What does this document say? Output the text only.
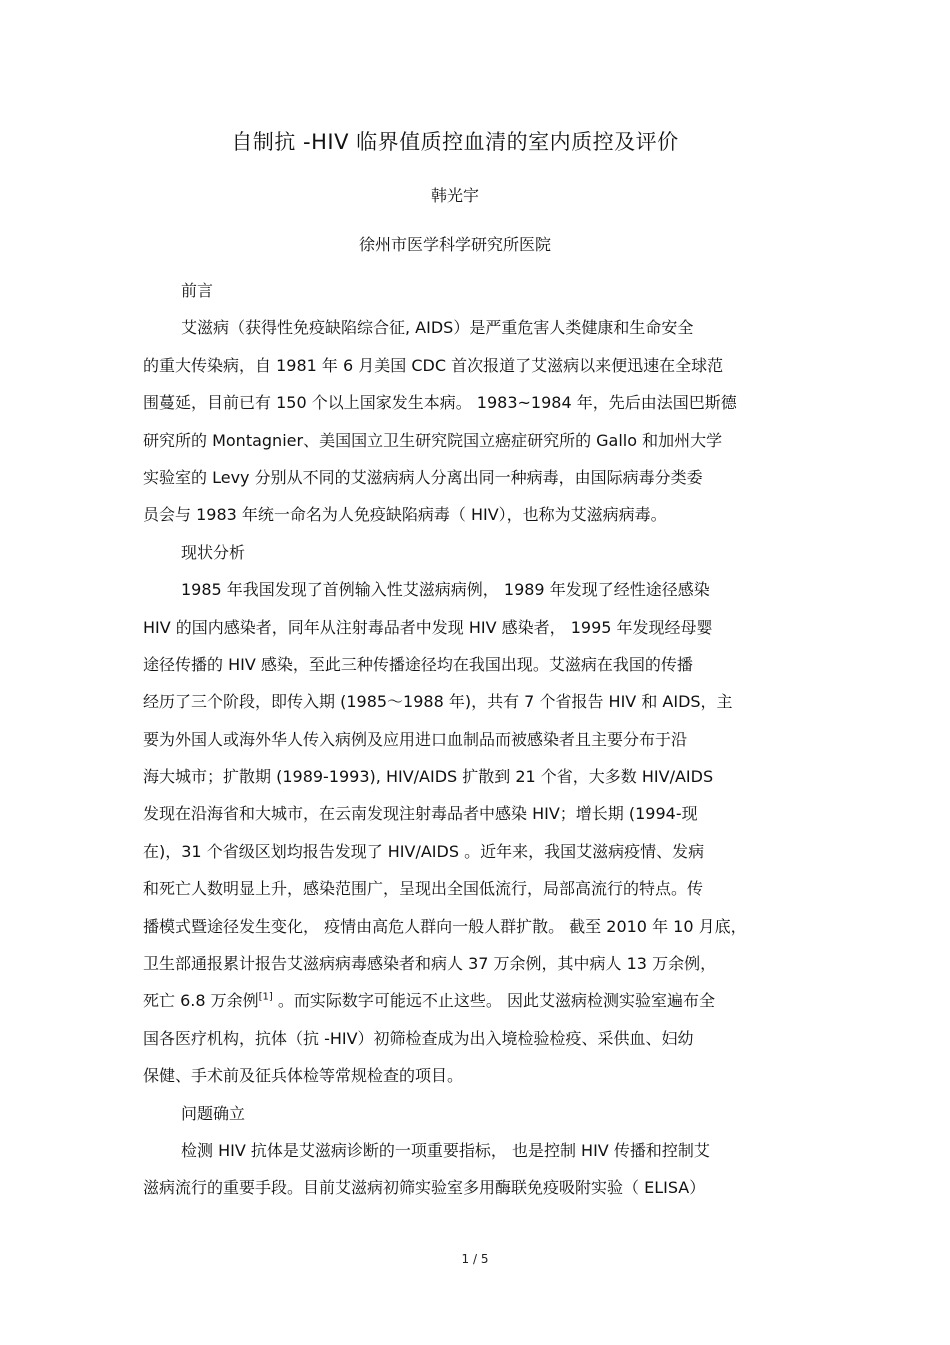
自制抗 -HIV 临界值质控血清的室内质控及评价
韩光宇
徐州市医学科学研究所医院
前言
艾滋病（获得性免疫缺陷综合征, AIDS）是严重危害人类健康和生命安全
的重大传染病，自 1981 年 6 月美国 CDC 首次报道了艾滋病以来便迅速在全球范
围蔓延，目前已有 150 个以上国家发生本病。 1983~1984 年，先后由法国巴斯德
研究所的 Montagnier、美国国立卫生研究院国立癌症研究所的 Gallo 和加州大学
实验室的 Levy 分别从不同的艾滋病病人分离出同一种病毒，由国际病毒分类委
员会与 1983 年统一命名为人免疫缺陷病毒（ HIV），也称为艾滋病病毒。
现状分析
1985 年我国发现了首例输入性艾滋病病例， 1989 年发现了经性途径感染
HIV 的国内感染者，同年从注射毒品者中发现 HIV 感染者， 1995 年发现经母婴
途径传播的 HIV 感染，至此三种传播途径均在我国出现。艾滋病在我国的传播
经历了三个阶段，即传入期 (1985～1988 年)，共有 7 个省报告 HIV 和 AIDS，主
要为外国人或海外华人传入病例及应用进口血制品而被感染者且主要分布于沿
海大城市；扩散期 (1989-1993), HIV/AIDS 扩散到 21 个省，大多数 HIV/AIDS
发现在沿海省和大城市，在云南发现注射毒品者中感染 HIV；增长期 (1994-现
在)，31 个省级区划均报告发现了 HIV/AIDS 。近年来，我国艾滋病疫情、发病
和死亡人数明显上升，感染范围广，呈现出全国低流行，局部高流行的特点。传
播模式暨途径发生变化， 疫情由高危人群向一般人群扩散。 截至 2010 年 10 月底，
卫生部通报累计报告艾滋病病毒感染者和病人 37 万余例，其中病人 13 万余例，
死亡 6.8 万余例[1] 。而实际数字可能远不止这些。 因此艾滋病检测实验室遍布全
国各医疗机构，抗体（抗 -HIV）初筛检查成为出入境检验检疫、采供血、妇幼
保健、手术前及征兵体检等常规检查的项目。
问题确立
检测 HIV 抗体是艾滋病诊断的一项重要指标， 也是控制 HIV 传播和控制艾
滋病流行的重要手段。目前艾滋病初筛实验室多用酶联免疫吸附实验（ ELISA）
1 / 5
